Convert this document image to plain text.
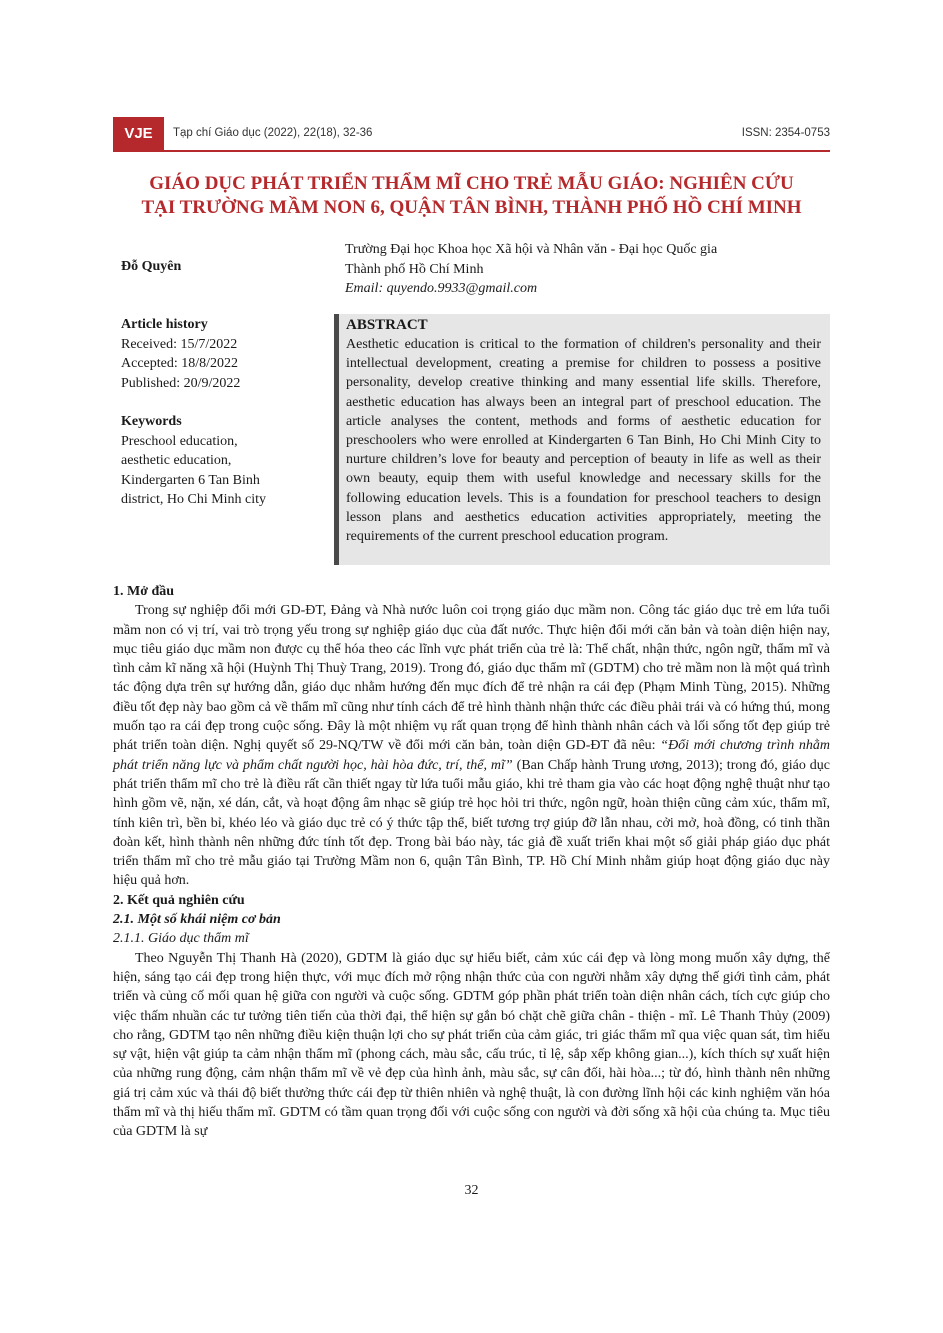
VJE	Tạp chí Giáo dục (2022), 22(18), 32-36	ISSN: 2354-0753
GIÁO DỤC PHÁT TRIỂN THẨM MĨ CHO TRẺ MẪU GIÁO: NGHIÊN CỨU
TẠI TRƯỜNG MẦM NON 6, QUẬN TÂN BÌNH, THÀNH PHỐ HỒ CHÍ MINH
Đỗ Quyên
Trường Đại học Khoa học Xã hội và Nhân văn - Đại học Quốc gia
Thành phố Hồ Chí Minh
Email: quyendo.9933@gmail.com
Article history
Received: 15/7/2022
Accepted: 18/8/2022
Published: 20/9/2022
Keywords
Preschool education,
aesthetic education,
Kindergarten 6 Tan Binh
district, Ho Chi Minh city
ABSTRACT
Aesthetic education is critical to the formation of children's personality and their intellectual development, creating a premise for children to possess a positive personality, develop creative thinking and many essential life skills. Therefore, aesthetic education has always been an integral part of preschool education. The article analyses the content, methods and forms of aesthetic education for preschoolers who were enrolled at Kindergarten 6 Tan Binh, Ho Chi Minh City to nurture children’s love for beauty and perception of beauty in life as well as their own beauty, equip them with useful knowledge and necessary skills for the following education levels. This is a foundation for preschool teachers to design lesson plans and aesthetics education activities appropriately, meeting the requirements of the current preschool education program.

1. Mở đầu

Trong sự nghiệp đổi mới GD-ĐT, Đảng và Nhà nước luôn coi trọng giáo dục mầm non. Công tác giáo dục trẻ em lứa tuổi mầm non có vị trí, vai trò trọng yếu trong sự nghiệp giáo dục của đất nước. Thực hiện đổi mới căn bản và toàn diện hiện nay, mục tiêu giáo dục mầm non được cụ thể hóa theo các lĩnh vực phát triển của trẻ là: Thể chất, nhận thức, ngôn ngữ, thẩm mĩ và tình cảm kĩ năng xã hội (Huỳnh Thị Thuỳ Trang, 2019). Trong đó, giáo dục thẩm mĩ (GDTM) cho trẻ mầm non là một quá trình tác động dựa trên sự hướng dẫn, giáo dục nhằm hướng đến mục đích để trẻ nhận ra cái đẹp (Phạm Minh Tùng, 2015). Những điều tốt đẹp này bao gồm cả về thẩm mĩ cũng như tính cách để trẻ hình thành nhận thức các điều phải trái và có hứng thú, mong muốn tạo ra cái đẹp trong cuộc sống. Đây là một nhiệm vụ rất quan trọng để hình thành nhân cách và lối sống tốt đẹp giúp trẻ phát triển toàn diện. Nghị quyết số 29-NQ/TW về đổi mới căn bản, toàn diện GD-ĐT đã nêu: “Đổi mới chương trình nhằm phát triển năng lực và phẩm chất người học, hài hòa đức, trí, thể, mĩ” (Ban Chấp hành Trung ương, 2013); trong đó, giáo dục phát triển thẩm mĩ cho trẻ là điều rất cần thiết ngay từ lứa tuổi mẫu giáo, khi trẻ tham gia vào các hoạt động nghệ thuật như tạo hình gồm vẽ, nặn, xé dán, cắt, và hoạt động âm nhạc sẽ giúp trẻ học hỏi tri thức, ngôn ngữ, hoàn thiện cũng cảm xúc, thẩm mĩ, tính kiên trì, bền bỉ, khéo léo và giáo dục trẻ có ý thức tập thể, biết tương trợ giúp đỡ lẫn nhau, cởi mở, hoà đồng, có tinh thần đoàn kết, hình thành nên những đức tính tốt đẹp. Trong bài báo này, tác giả đề xuất triển khai một số giải pháp giáo dục phát triển thẩm mĩ cho trẻ mẫu giáo tại Trường Mầm non 6, quận Tân Bình, TP. Hồ Chí Minh nhằm giúp hoạt động giáo dục này hiệu quả hơn.

2. Kết quả nghiên cứu

2.1. Một số khái niệm cơ bản

2.1.1. Giáo dục thẩm mĩ

Theo Nguyễn Thị Thanh Hà (2020), GDTM là giáo dục sự hiểu biết, cảm xúc cái đẹp và lòng mong muốn xây dựng, thể hiện, sáng tạo cái đẹp trong hiện thực, với mục đích mở rộng nhận thức của con người nhằm xây dựng thế giới tình cảm, phát triển và củng cố mối quan hệ giữa con người và cuộc sống. GDTM góp phần phát triển toàn diện nhân cách, tích cực giúp cho việc thấm nhuần các tư tưởng tiên tiến của thời đại, thể hiện sự gắn bó chặt chẽ giữa chân - thiện - mĩ. Lê Thanh Thủy (2009) cho rằng, GDTM tạo nên những điều kiện thuận lợi cho sự phát triển của cảm giác, tri giác thẩm mĩ qua việc quan sát, tìm hiểu sự vật, hiện vật giúp ta cảm nhận thẩm mĩ (phong cách, màu sắc, cấu trúc, tỉ lệ, sắp xếp không gian...), kích thích sự xuất hiện của những rung động, cảm nhận thẩm mĩ về vẻ đẹp của hình ảnh, màu sắc, sự cân đối, hài hòa...; từ đó, hình thành nên những giá trị cảm xúc và thái độ biết thưởng thức cái đẹp từ thiên nhiên và nghệ thuật, là con đường lĩnh hội các kinh nghiệm văn hóa thẩm mĩ và thị hiếu thẩm mĩ. GDTM có tầm quan trọng đối với cuộc sống con người và đời sống xã hội của chúng ta. Mục tiêu của GDTM là sự

32
